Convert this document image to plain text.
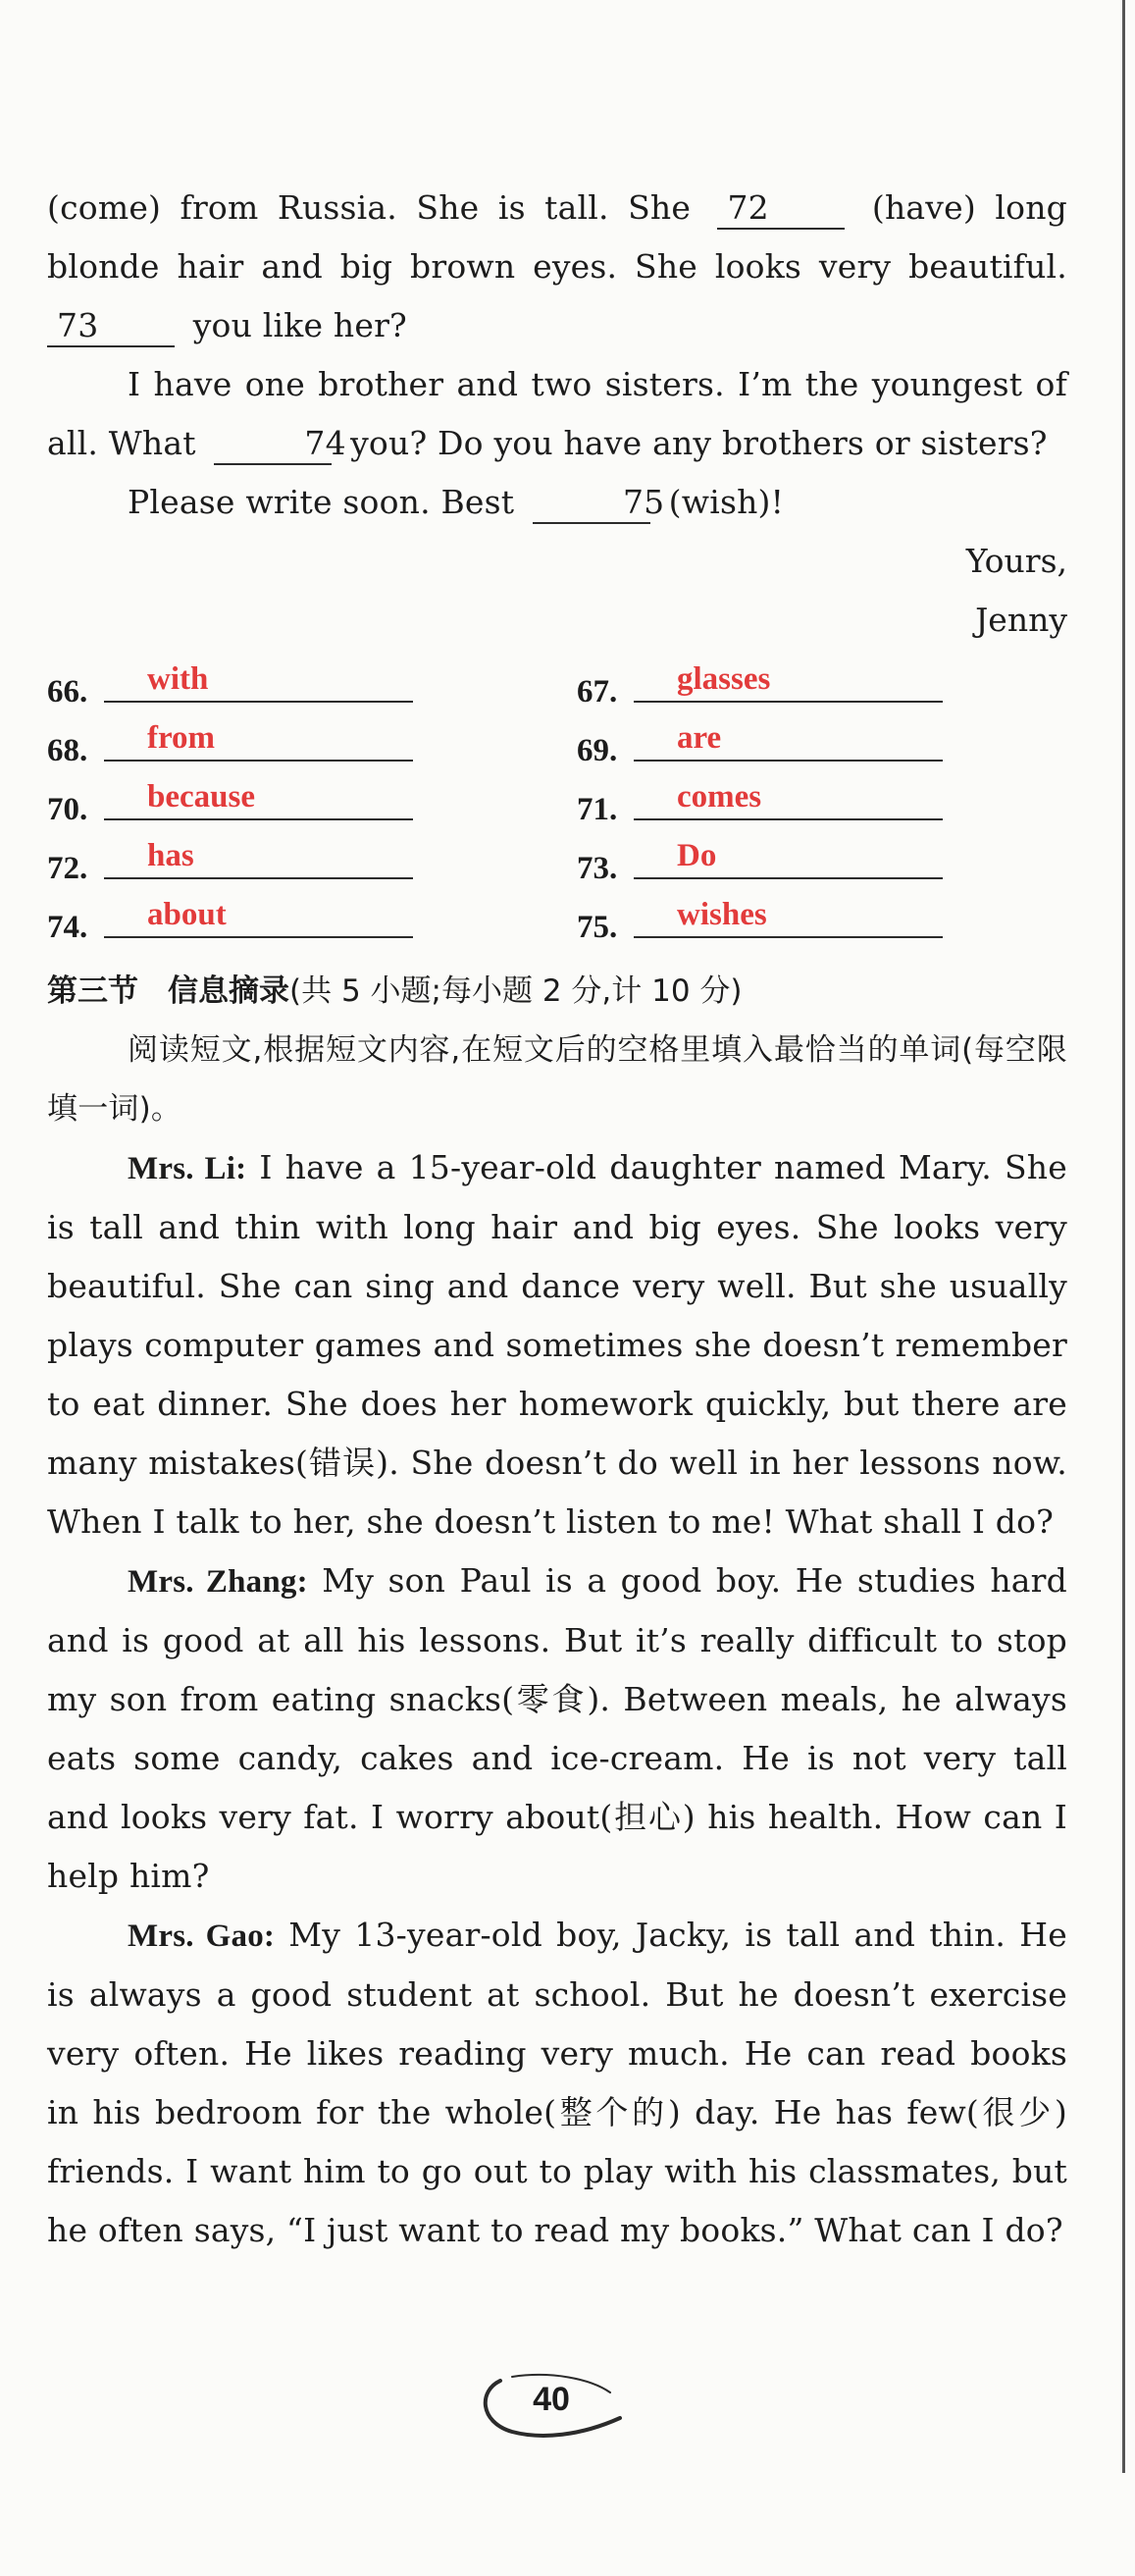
(come) from Russia. She is tall. She 72	(have) long blonde hair and big brown eyes. She looks very beautiful. 73	you like her?

I have one brother and two sisters. I’m the youngest of all. What	74 you? Do you have any brothers or sisters?

Please write soon. Best	75 (wish)!

Yours,

Jenny

66.	with	67.	glasses
68.	from	69.	are
70.	because	71.	comes
72.	has	73.	Do
74.	about	75.	wishes

第三节 信息摘录(共 5 小题;每小题 2 分,计 10 分)

阅读短文,根据短文内容,在短文后的空格里填入最恰当的单词(每空限填一词)。

Mrs. Li: I have a 15-year-old daughter named Mary. She is tall and thin with long hair and big eyes. She looks very beautiful. She can sing and dance very well. But she usually plays computer games and sometimes she doesn’t remember to eat dinner. She does her homework quickly, but there are many mistakes(错误). She doesn’t do well in her lessons now. When I talk to her, she doesn’t listen to me! What shall I do?

Mrs. Zhang: My son Paul is a good boy. He studies hard and is good at all his lessons. But it’s really difficult to stop my son from eating snacks(零食). Between meals, he always eats some candy, cakes and ice-cream. He is not very tall and looks very fat. I worry about(担心) his health. How can I help him?

Mrs. Gao: My 13-year-old boy, Jacky, is tall and thin. He is always a good student at school. But he doesn’t exercise very often. He likes reading very much. He can read books in his bedroom for the whole(整个的) day. He has few(很少) friends. I want him to go out to play with his classmates, but he often says, “I just want to read my books.” What can I do?

40
